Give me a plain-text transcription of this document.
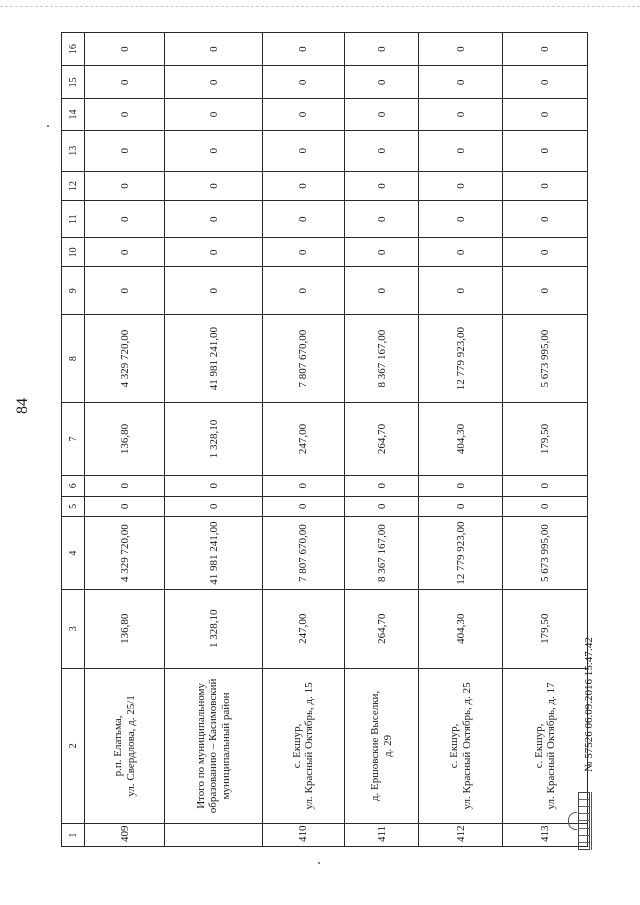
84
1	2	3	4	5	6	7	8	9	10	11	12	13	14	15	16
409	р.п. Елатьма, ул. Свердлова, д. 25/1	136,80	4 329 720,00	0	0	136,80	4 329 720,00	0	0	0	0	0	0	0	0

	Итого по муниципальному образованию – Касимовский муниципальный район	1 328,10	41 981 241,00	0	0	1 328,10	41 981 241,00	0	0	0	0	0	0	0	0
410	с. Екшур, ул. Красный Октябрь, д. 15	247,00	7 807 670,00	0	0	247,00	7 807 670,00	0	0	0	0	0	0	0	0
411	д. Ершовские Выселки, д. 29	264,70	8 367 167,00	0	0	264,70	8 367 167,00	0	0	0	0	0	0	0	0
412	с. Екшур, ул. Красный Октябрь, д. 25	404,30	12 779 923,00	0	0	404,30	12 779 923,00	0	0	0	0	0	0	0	0
413	с. Екшур, ул. Красный Октябрь, д. 17	179,50	5 673 995,00	0	0	179,50	5 673 995,00	0	0	0	0	0	0	0	0
№ 57526 06.09.2016 15:47:42
